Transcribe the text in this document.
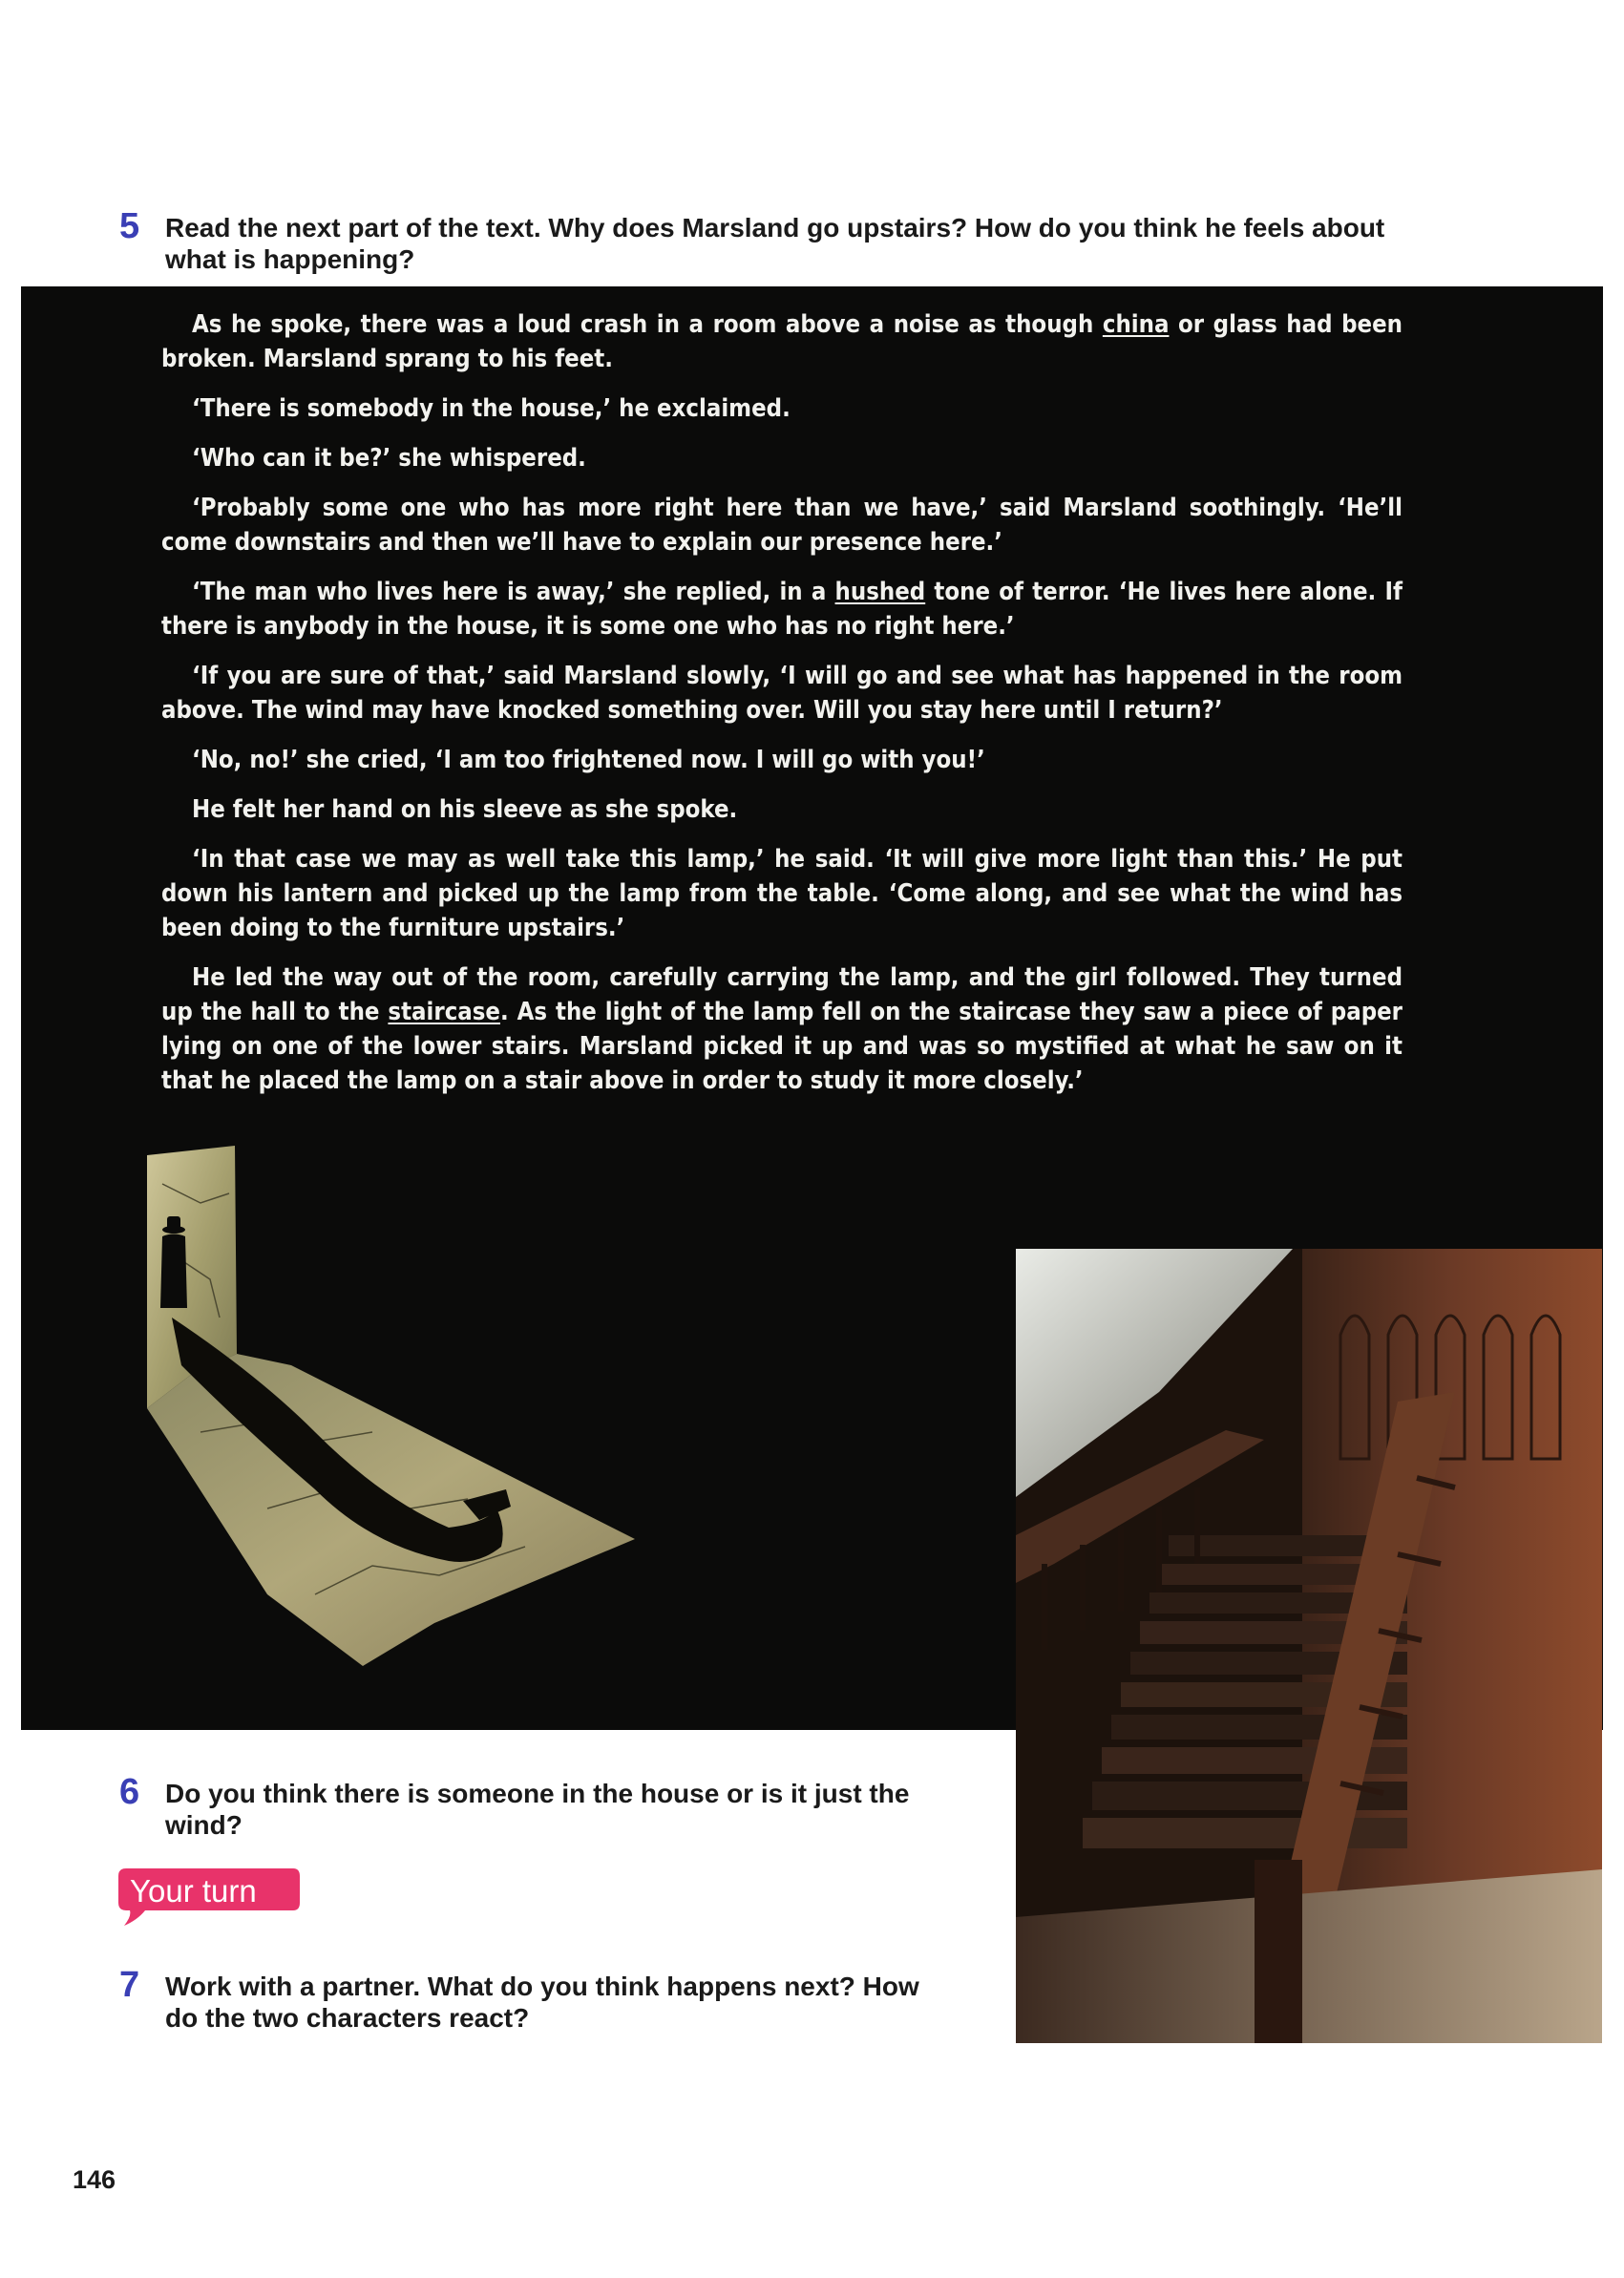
5 Read the next part of the text. Why does Marsland go upstairs? How do you think he feels about what is happening?

As he spoke, there was a loud crash in a room above a noise as though china or glass had been broken. Marsland sprang to his feet.

‘There is somebody in the house,’ he exclaimed.

‘Who can it be?’ she whispered.

‘Probably some one who has more right here than we have,’ said Marsland soothingly. ‘He’ll come downstairs and then we’ll have to explain our presence here.’

‘The man who lives here is away,’ she replied, in a hushed tone of terror. ‘He lives here alone. If there is anybody in the house, it is some one who has no right here.’

‘If you are sure of that,’ said Marsland slowly, ‘I will go and see what has happened in the room above. The wind may have knocked something over. Will you stay here until I return?’

‘No, no!’ she cried, ‘I am too frightened now. I will go with you!’

He felt her hand on his sleeve as she spoke.

‘In that case we may as well take this lamp,’ he said. ‘It will give more light than this.’ He put down his lantern and picked up the lamp from the table. ‘Come along, and see what the wind has been doing to the furniture upstairs.’

He led the way out of the room, carefully carrying the lamp, and the girl followed. They turned up the hall to the staircase. As the light of the lamp fell on the staircase they saw a piece of paper lying on one of the lower stairs. Marsland picked it up and was so mystified at what he saw on it that he placed the lamp on a stair above in order to study it more closely.’

6 Do you think there is someone in the house or is it just the wind?
Your turn
7 Work with a partner. What do you think happens next? How do the two characters react?
146
